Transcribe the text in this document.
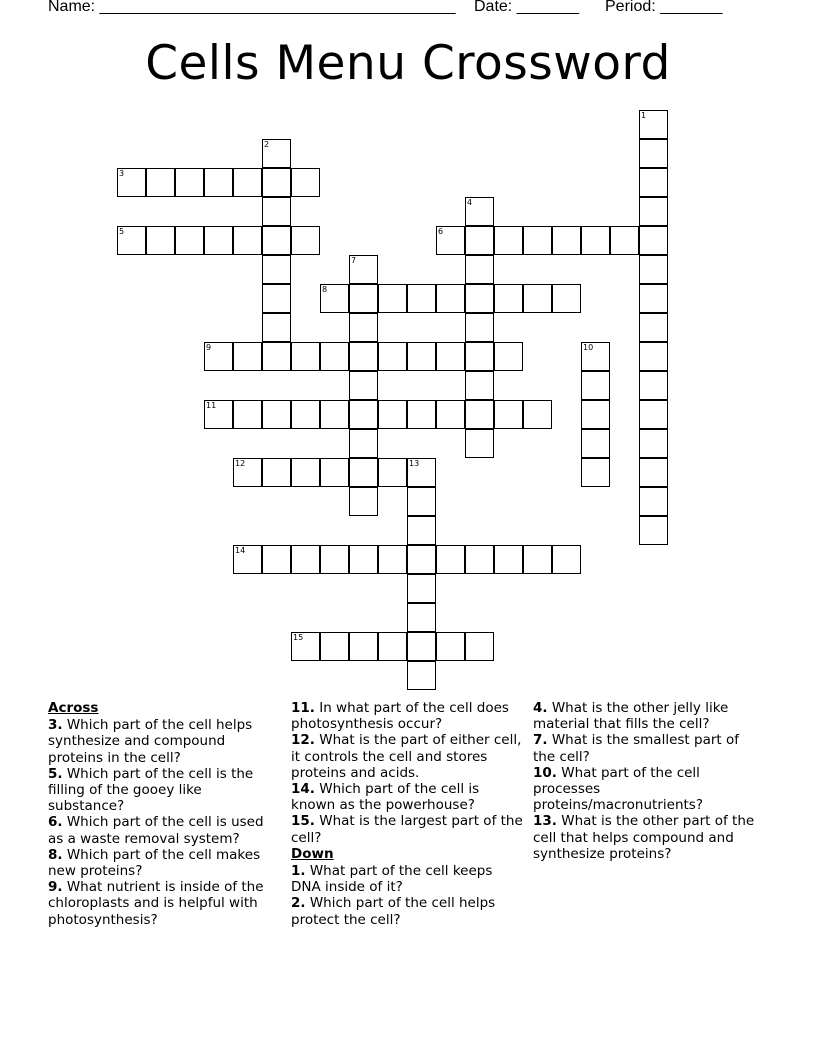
Name: ________________________________________ Date: _______ Period: _______
Cells Menu Crossword
1
2
3
4
5	6
7
8
9	10
11
12	13
14
15
Across
3. Which part of the cell helps synthesize and compound proteins in the cell?
5. Which part of the cell is the filling of the gooey like substance?
6. Which part of the cell is used as a waste removal system?
8. Which part of the cell makes new proteins?
9. What nutrient is inside of the chloroplasts and is helpful with photosynthesis?
11. In what part of the cell does photosynthesis occur?
12. What is the part of either cell, it controls the cell and stores proteins and acids.
14. Which part of the cell is known as the powerhouse?
15. What is the largest part of the cell?
Down
1. What part of the cell keeps DNA inside of it?
2. Which part of the cell helps protect the cell?
4. What is the other jelly like material that fills the cell?
7. What is the smallest part of the cell?
10. What part of the cell processes proteins/macronutrients?
13. What is the other part of the cell that helps compound and synthesize proteins?
